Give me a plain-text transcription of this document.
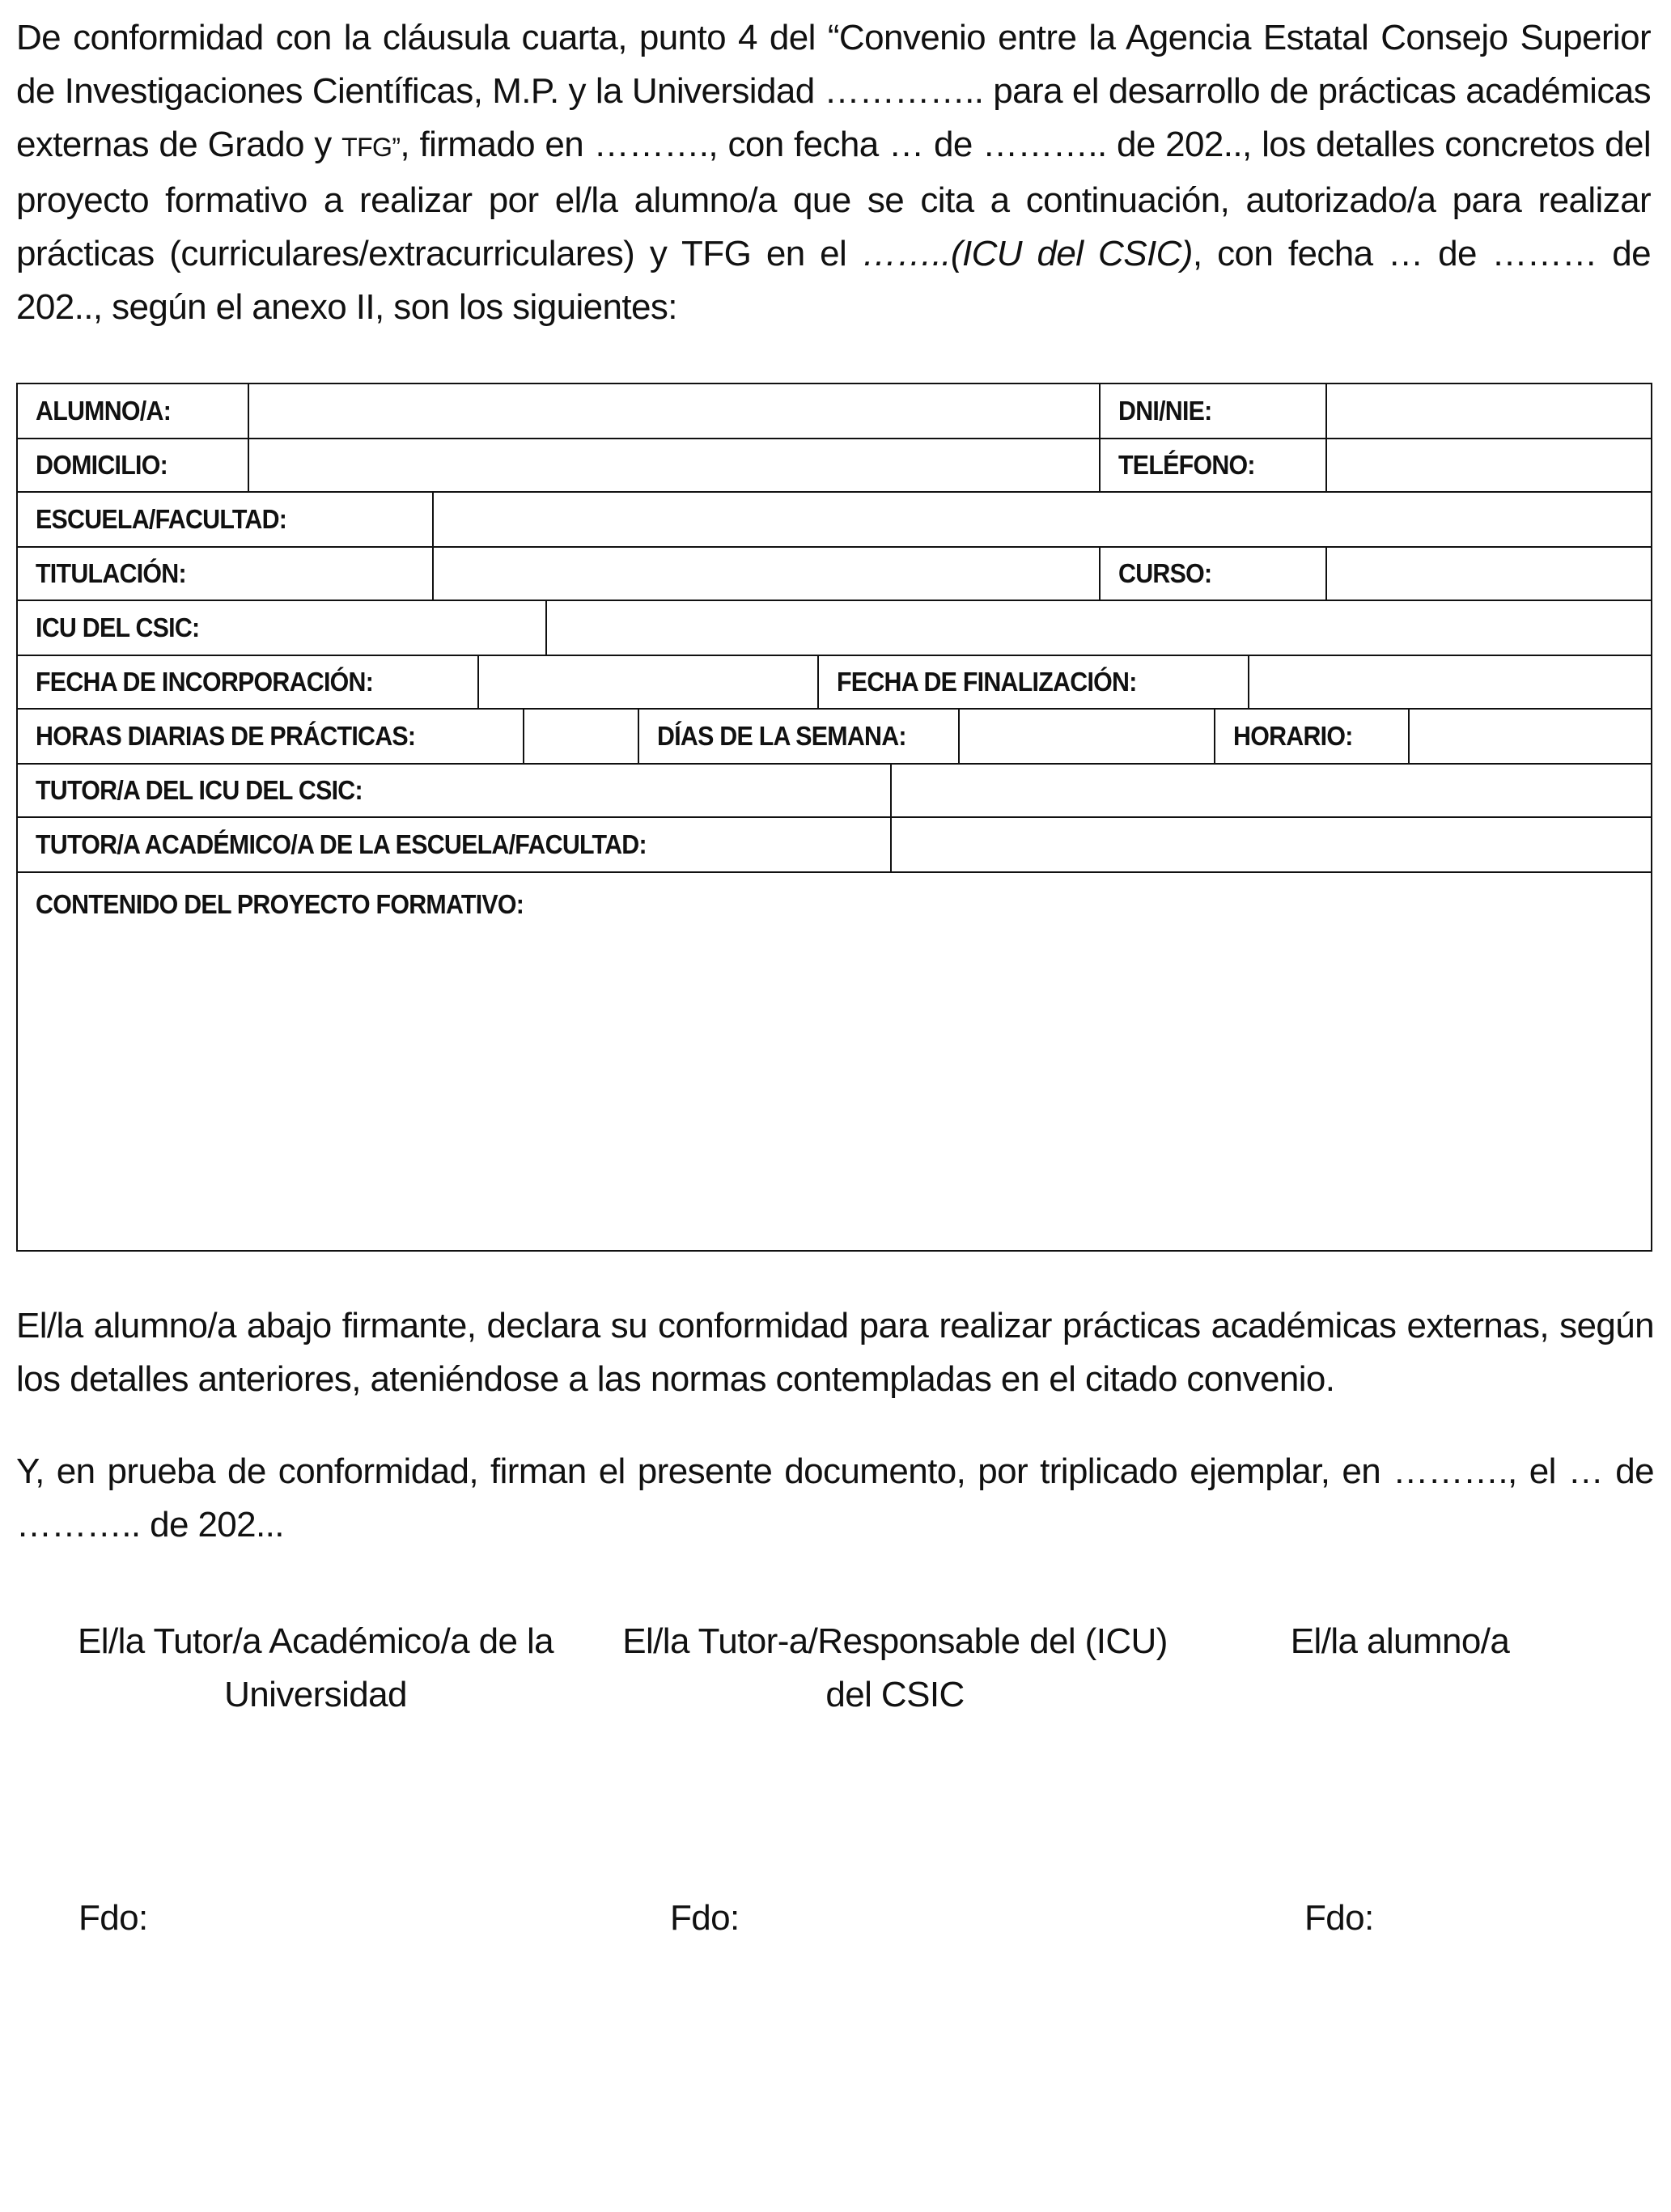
De conformidad con la cláusula cuarta, punto 4 del “Convenio entre la Agencia Estatal Consejo Superior de Investigaciones Científicas, M.P. y la Universidad ………….. para el desarrollo de prácticas académicas externas de Grado y TFG”, firmado en ………., con fecha … de ……….. de 202.., los detalles concretos del proyecto formativo a realizar por el/la alumno/a que se cita a continuación, autorizado/a para realizar prácticas (curriculares/extracurriculares) y TFG en el ……..(ICU del CSIC), con fecha … de ……… de 202.., según el anexo II, son los siguientes:
ALUMNO/A:	DNI/NIE:
DOMICILIO:	TELÉFONO:
ESCUELA/FACULTAD:
TITULACIÓN:	CURSO:
ICU DEL CSIC:
FECHA DE INCORPORACIÓN:	FECHA DE FINALIZACIÓN:
HORAS DIARIAS DE PRÁCTICAS:	DÍAS DE LA SEMANA:	HORARIO:
TUTOR/A DEL ICU DEL CSIC:
TUTOR/A ACADÉMICO/A DE LA ESCUELA/FACULTAD:
CONTENIDO DEL PROYECTO FORMATIVO:
El/la alumno/a abajo firmante, declara su conformidad para realizar prácticas académicas externas, según los detalles anteriores, ateniéndose a las normas contempladas en el citado convenio.
Y, en prueba de conformidad, firman el presente documento, por triplicado ejemplar, en ………., el … de ……….. de 202...
El/la Tutor/a Académico/a de la
Universidad
El/la Tutor-a/Responsable del (ICU)
del CSIC
El/la alumno/a
Fdo:	Fdo:	Fdo:
